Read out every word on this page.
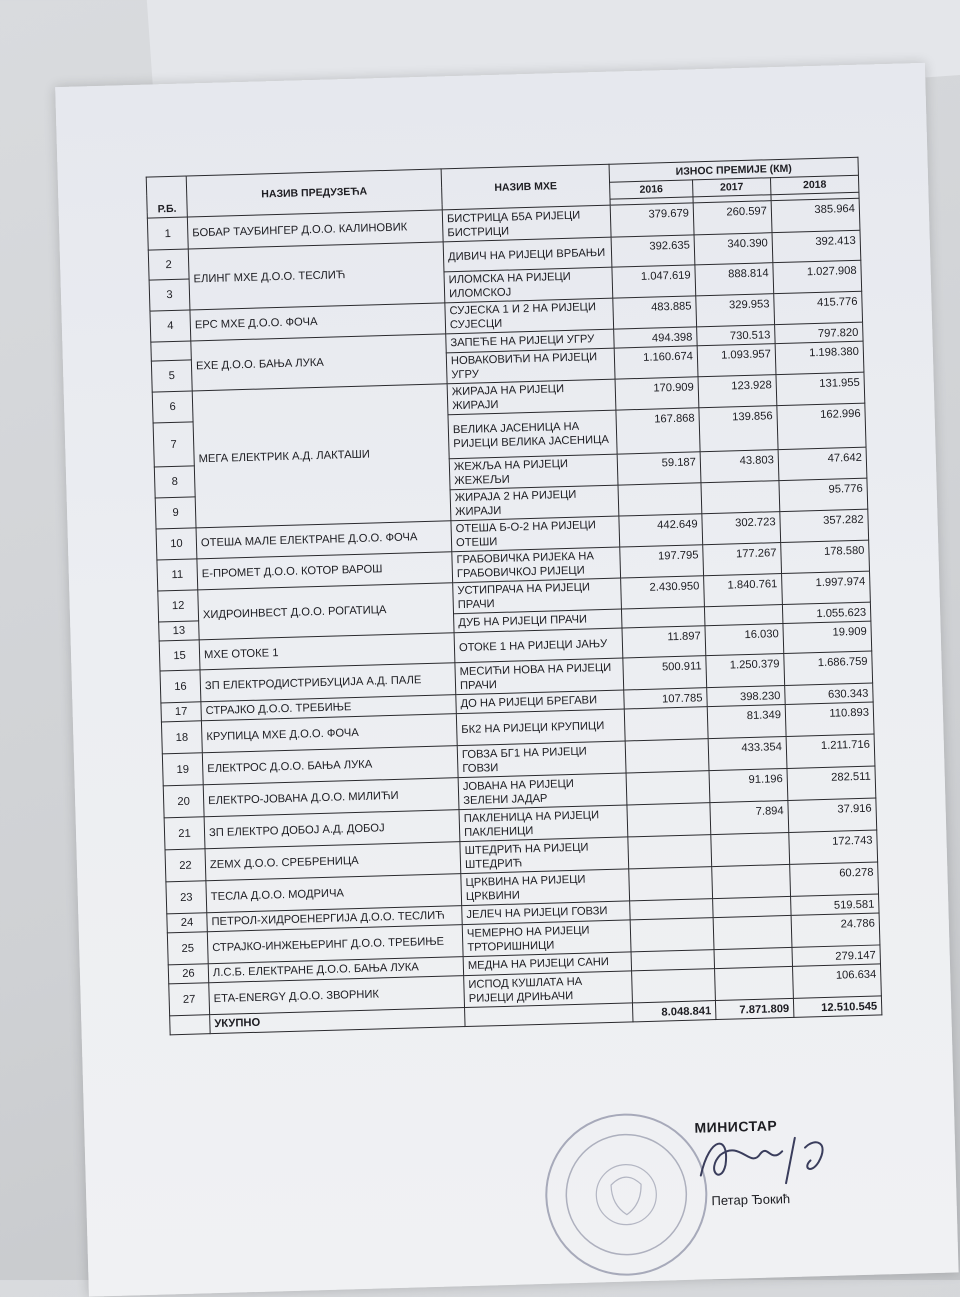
Р.Б.	НАЗИВ ПРЕДУЗЕЋА	НАЗИВ МХЕ	ИЗНОС ПРЕМИЈЕ (КМ)		
			2016	2017	2018

1	БОБАР ТАУБИНГЕР Д.О.О. КАЛИНОВИК	БИСТРИЦА Б5А РИЈЕЦИ БИСТРИЦИ	379.679	260.597	385.964
2	ЕЛИНГ МХЕ Д.О.О. ТЕСЛИЋ	ДИВИЧ НА РИЈЕЦИ ВРБАЊИ	392.635	340.390	392.413
3		ИЛОМСКА НА РИЈЕЦИ ИЛОМСКОЈ	1.047.619	888.814	1.027.908
4	ЕРС МХЕ Д.О.О. ФОЧА	СУЈЕСКА 1 И 2 НА РИЈЕЦИ СУЈЕСЦИ	483.885	329.953	415.776
	ЕХЕ Д.О.О. БАЊА ЛУКА	ЗАПЕЋЕ НА РИЈЕЦИ УГРУ	494.398	730.513	797.820
5		НОВАКОВИЋИ НА РИЈЕЦИ УГРУ	1.160.674	1.093.957	1.198.380
6	МЕГА ЕЛЕКТРИК А.Д. ЛАКТАШИ	ЖИРАЈА НА РИЈЕЦИ ЖИРАЈИ	170.909	123.928	131.955
7		ВЕЛИКА ЈАСЕНИЦА НА РИЈЕЦИ ВЕЛИКА ЈАСЕНИЦА	167.868	139.856	162.996
8		ЖЕЖЉА НА РИЈЕЦИ ЖЕЖЕЉИ	59.187	43.803	47.642
9		ЖИРАЈА 2 НА РИЈЕЦИ ЖИРАЈИ			95.776
10	ОТЕША МАЛЕ ЕЛЕКТРАНЕ Д.О.О. ФОЧА	ОТЕША Б-О-2 НА РИЈЕЦИ ОТЕШИ	442.649	302.723	357.282
11	Е-ПРОМЕТ Д.О.О. КОТОР ВАРОШ	ГРАБОВИЧКА РИЈЕКА НА ГРАБОВИЧКОЈ РИЈЕЦИ	197.795	177.267	178.580
12	ХИДРОИНВЕСТ Д.О.О. РОГАТИЦА	УСТИПРАЧА НА РИЈЕЦИ ПРАЧИ	2.430.950	1.840.761	1.997.974
13		ДУБ НА РИЈЕЦИ ПРАЧИ			1.055.623
15	МХЕ ОТОКЕ 1	ОТОКЕ 1 НА РИЈЕЦИ ЈАЊУ	11.897	16.030	19.909
16	ЗП ЕЛЕКТРОДИСТРИБУЦИЈА А.Д. ПАЛЕ	МЕСИЋИ НОВА НА РИЈЕЦИ ПРАЧИ	500.911	1.250.379	1.686.759
17	СТРАЈКО Д.О.О. ТРЕБИЊЕ	ДО НА РИЈЕЦИ БРЕГАВИ	107.785	398.230	630.343
18	КРУПИЦА МХЕ Д.О.О. ФОЧА	БК2 НА РИЈЕЦИ КРУПИЦИ		81.349	110.893
19	ЕЛЕКТРОС Д.О.О. БАЊА ЛУКА	ГОВЗА БГ1 НА РИЈЕЦИ ГОВЗИ		433.354	1.211.716
20	ЕЛЕКТРО-ЈОВАНА Д.О.О. МИЛИЋИ	ЈОВАНА НА РИЈЕЦИ ЗЕЛЕНИ ЈАДАР		91.196	282.511
21	ЗП ЕЛЕКТРО ДОБОЈ А.Д. ДОБОЈ	ПАКЛЕНИЦА НА РИЈЕЦИ ПАКЛЕНИЦИ		7.894	37.916
22	ZEMX Д.О.О. СРЕБРЕНИЦА	ШТЕДРИЋ НА РИЈЕЦИ ШТЕДРИЋ			172.743
23	ТЕСЛА Д.О.О. МОДРИЧА	ЦРКВИНА НА РИЈЕЦИ ЦРКВИНИ			60.278
24	ПЕТРОЛ-ХИДРОЕНЕРГИЈА Д.О.О. ТЕСЛИЋ	ЈЕЛЕЧ НА РИЈЕЦИ ГОВЗИ			519.581
25	СТРАЈКО-ИНЖЕЊЕРИНГ Д.О.О. ТРЕБИЊЕ	ЧЕМЕРНО НА РИЈЕЦИ ТРТОРИШНИЦИ			24.786
26	Л.С.Б. ЕЛЕКТРАНЕ Д.О.О. БАЊА ЛУКА	МЕДНА НА РИЈЕЦИ САНИ			279.147
27	ЕТА-ENERGY Д.О.О. ЗВОРНИК	ИСПОД КУШЛАТА НА РИЈЕЦИ ДРИЊАЧИ			106.634
	УКУПНО		8.048.841	7.871.809	12.510.545
МИНИСТАР
Петар Ђокић
